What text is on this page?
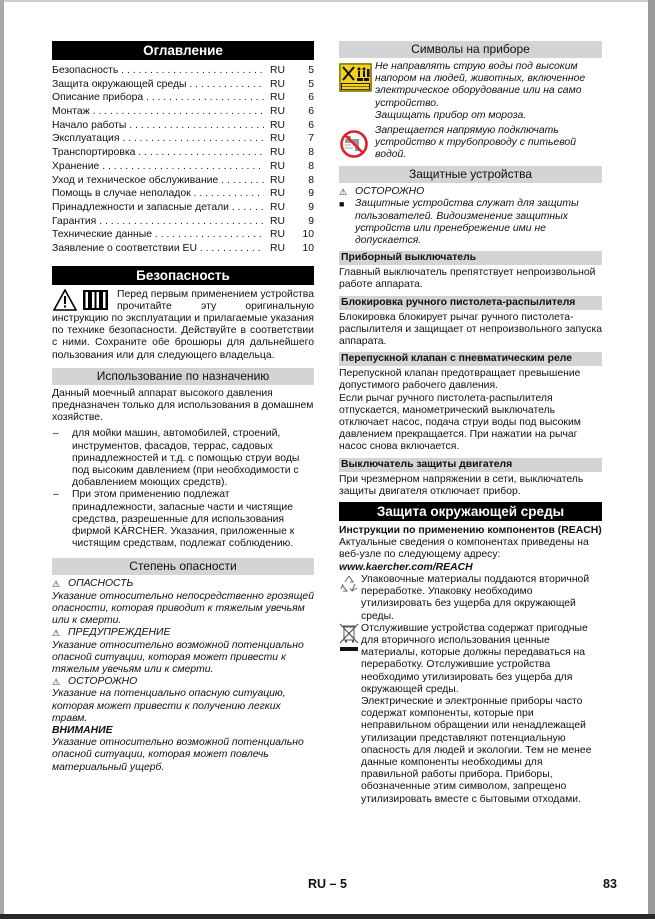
Оглавление
Безопасность . . .	RU	5
Защита окружающей среды . . .	RU	5
Описание прибора . . .	RU	6
Монтаж . . .	RU	6
Начало работы . . .	RU	6
Эксплуатация . . .	RU	7
Транспортировка . . .	RU	8
Хранение . . .	RU	8
Уход и техническое обслуживание . . .	RU	8
Помощь в случае неполадок . . .	RU	9
Принадлежности и запасные детали . . .	RU	9
Гарантия . . .	RU	9
Технические данные . . .	RU	10
Заявление о соответствии EU . . .	RU	10
Безопасность

Перед первым применением устройства прочитайте эту оригинальную инструкцию по эксплуатации и прилагаемые указания по технике безопасности. Действуйте в соответствии с ними. Сохраните обе брошюры для дальнейшего пользования или для следующего владельца.

Использование по назначению

Данный моечный аппарат высокого давления предназначен только для использования в домашнем хозяйстве.

– для мойки машин, автомобилей, строений, инструментов, фасадов, террас, садовых принадлежностей и т.д. с помощью струи воды под высоким давлением (при необходимости с добавлением моющих средств).
– При этом применению подлежат принадлежности, запасные части и чистящие средства, разрешенные для использования фирмой KÄRCHER. Указания, приложенные к чистящим средствам, подлежат соблюдению.
Степень опасности
⚠ ОПАСНОСТЬ

Указание относительно непосредственно грозящей опасности, которая приводит к тяжелым увечьям или к смерти.

⚠ ПРЕДУПРЕЖДЕНИЕ

Указание относительно возможной потенциально опасной ситуации, которая может привести к тяжелым увечьям или к смерти.

⚠ ОСТОРОЖНО

Указание на потенциально опасную ситуацию, которая может привести к получению легких травм.

ВНИМАНИЕ

Указание относительно возможной потенциально опасной ситуации, которая может повлечь материальный ущерб.

Символы на приборе

Не направлять струю воды под высоким напором на людей, животных, включенное электрическое оборудование или на само устройство.

Защищать прибор от мороза.

Запрещается напрямую подключать устройство к трубопроводу с питьевой водой.

Защитные устройства
⚠ ОСТОРОЖНО
■	Защитные устройства служат для защиты пользователей. Видоизменение защитных устройств или пренебрежение ими не допускается.
Приборный выключатель

Главный выключатель препятствует непроизвольной работе аппарата.

Блокировка ручного пистолета-распылителя

Блокировка блокирует рычаг ручного пистолета-распылителя и защищает от непроизвольного запуска аппарата.

Перепускной клапан с пневматическим реле

Перепускной клапан предотвращает превышение допустимого рабочего давления.

Если рычаг ручного пистолета-распылителя отпускается, манометрический выключатель отключает насос, подача струи воды под высоким давлением прекращается. При нажатии на рычаг насос снова включается.

Выключатель защиты двигателя

При чрезмерном напряжении в сети, выключатель защиты двигателя отключает прибор.

Защита окружающей среды

Инструкции по применению компонентов (REACH)

Актуальные сведения о компонентах приведены на веб-узле по следующему адресу:

www.kaercher.com/REACH

Упаковочные материалы поддаются вторичной переработке. Упаковку необходимо утилизировать без ущерба для окружающей среды.

Отслужившие устройства содержат пригодные для вторичного использования ценные материалы, которые должны передаваться на переработку. Отслужившие устройства необходимо утилизировать без ущерба для окружающей среды.

Электрические и электронные приборы часто содержат компоненты, которые при неправильном обращении или ненадлежащей утилизации представляют потенциальную опасность для людей и экологии. Тем не менее данные компоненты необходимы для правильной работы прибора. Приборы, обозначенные этим символом, запрещено утилизировать вместе с бытовыми отходами.

RU – 5	83
